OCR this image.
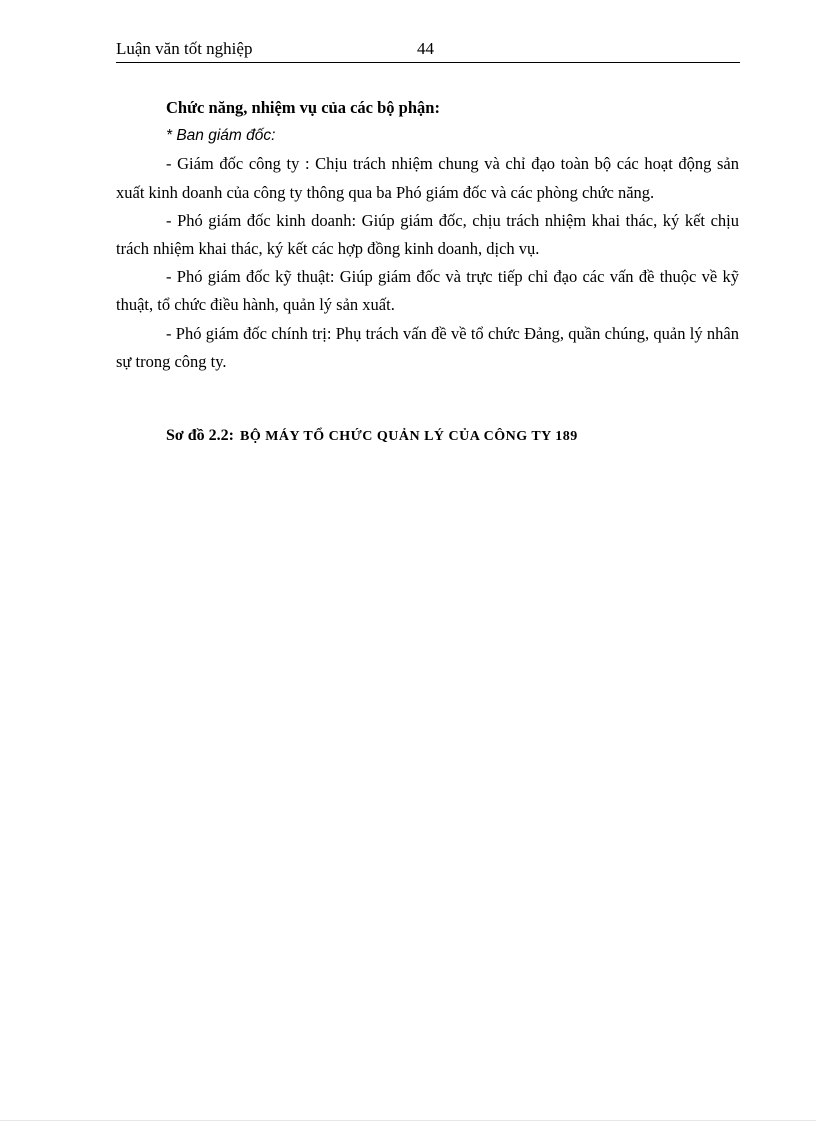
Luận văn tốt nghiệp	44

Chức năng, nhiệm vụ của các bộ phận:

* Ban giám đốc:

- Giám đốc công ty : Chịu trách nhiệm chung và chỉ đạo toàn bộ các hoạt động sản xuất kinh doanh của công ty thông qua ba Phó giám đốc và các phòng chức năng.

- Phó giám đốc kinh doanh: Giúp giám đốc, chịu trách nhiệm khai thác, ký kết chịu trách nhiệm khai thác, ký kết các hợp đồng kinh doanh, dịch vụ.

- Phó giám đốc kỹ thuật: Giúp giám đốc và trực tiếp chỉ đạo các vấn đề thuộc về kỹ thuật, tổ chức điều hành, quản lý sản xuất.

- Phó giám đốc chính trị: Phụ trách vấn đề về tổ chức Đảng, quần chúng, quản lý nhân sự trong công ty.

Sơ đồ 2.2: BỘ MÁY TỔ CHỨC QUẢN LÝ CỦA CÔNG TY 189
